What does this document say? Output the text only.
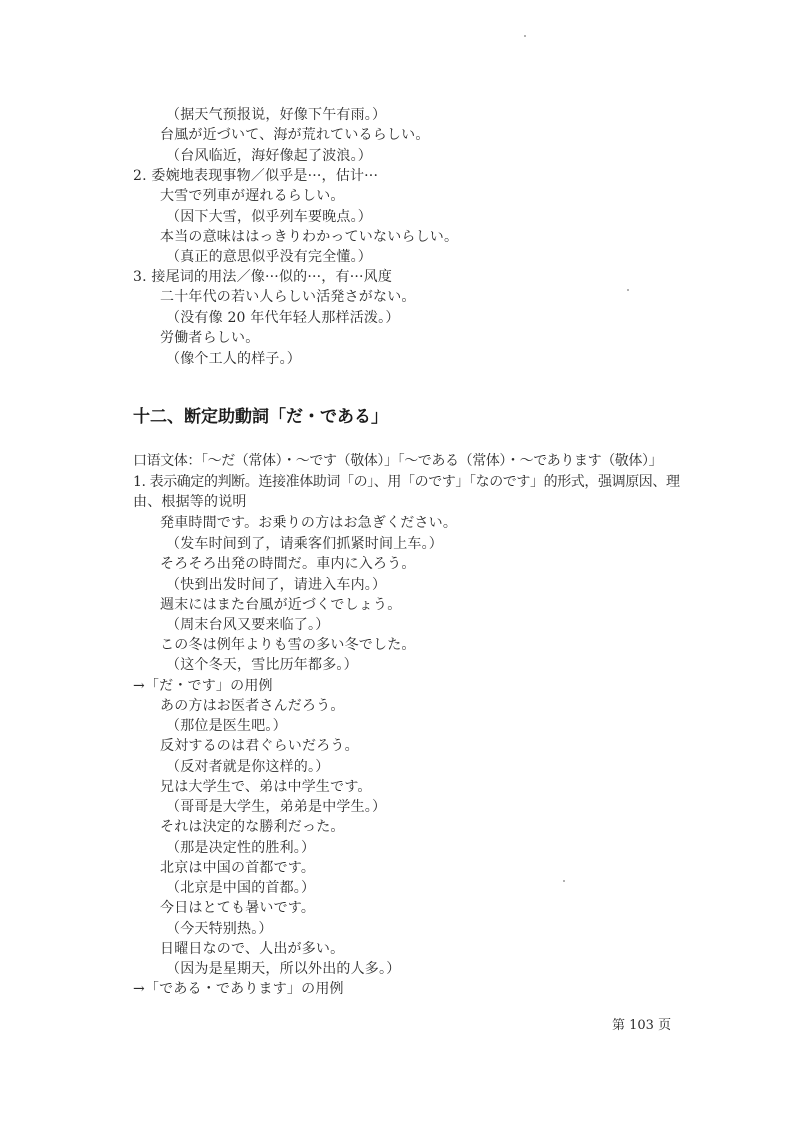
（据天气预报说，好像下午有雨。）
台風が近づいて、海が荒れているらしい。
（台风临近，海好像起了波浪。）
2. 委婉地表现事物／似乎是···，估计···
大雪で列車が遅れるらしい。
（因下大雪，似乎列车要晚点。）
本当の意味ははっきりわかっていないらしい。
（真正的意思似乎没有完全懂。）
3. 接尾词的用法／像···似的···，有···风度
二十年代の若い人らしい活発さがない。
（没有像 20 年代年轻人那样活泼。）
労働者らしい。
（像个工人的样子。）
十二、断定助動詞「だ・である」
口语文体：「～だ（常体）・～です（敬体）」「～である（常体）・～であります（敬体）」
1. 表示确定的判断。连接准体助词「の」、用「のです」「なのです」的形式，强调原因、理
由、根据等的说明
発車時間です。お乗りの方はお急ぎください。
（发车时间到了，请乘客们抓紧时间上车。）
そろそろ出発の時間だ。車内に入ろう。
（快到出发时间了，请进入车内。）
週末にはまた台風が近づくでしょう。
（周末台风又要来临了。）
この冬は例年よりも雪の多い冬でした。
（这个冬天，雪比历年都多。）
→「だ・です」の用例
あの方はお医者さんだろう。
（那位是医生吧。）
反対するのは君ぐらいだろう。
（反对者就是你这样的。）
兄は大学生で、弟は中学生です。
（哥哥是大学生，弟弟是中学生。）
それは決定的な勝利だった。
（那是决定性的胜利。）
北京は中国の首都です。
（北京是中国的首都。）
今日はとても暑いです。
（今天特别热。）
日曜日なので、人出が多い。
（因为是星期天，所以外出的人多。）
→「である・であります」の用例
第 103 页
